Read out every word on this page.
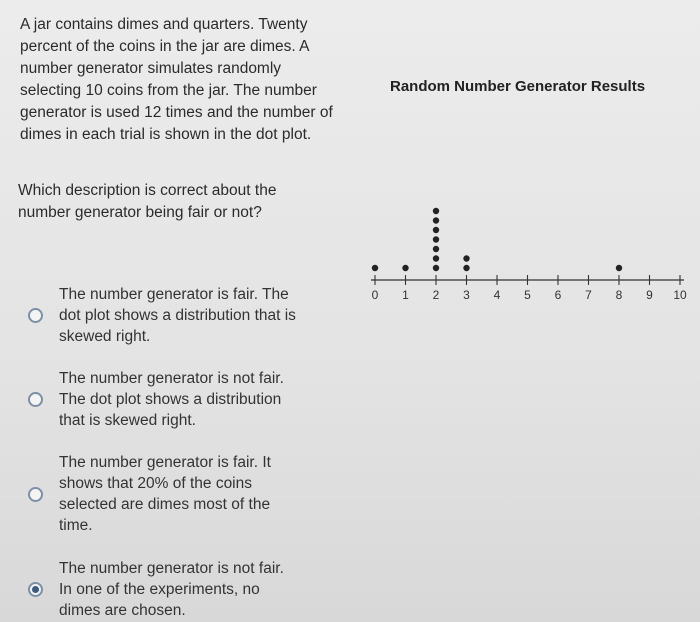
A jar contains dimes and quarters. Twenty percent of the coins in the jar are dimes. A number generator simulates randomly selecting 10 coins from the jar. The number generator is used 12 times and the number of dimes in each trial is shown in the dot plot.

Which description is correct about the number generator being fair or not?

Random Number Generator Results
0 1 2 3 4 5 6 7 8 9 10
The number generator is fair. The dot plot shows a distribution that is skewed right.
The number generator is not fair. The dot plot shows a distribution that is skewed right.
The number generator is fair. It shows that 20% of the coins selected are dimes most of the time.
The number generator is not fair. In one of the experiments, no dimes are chosen.
